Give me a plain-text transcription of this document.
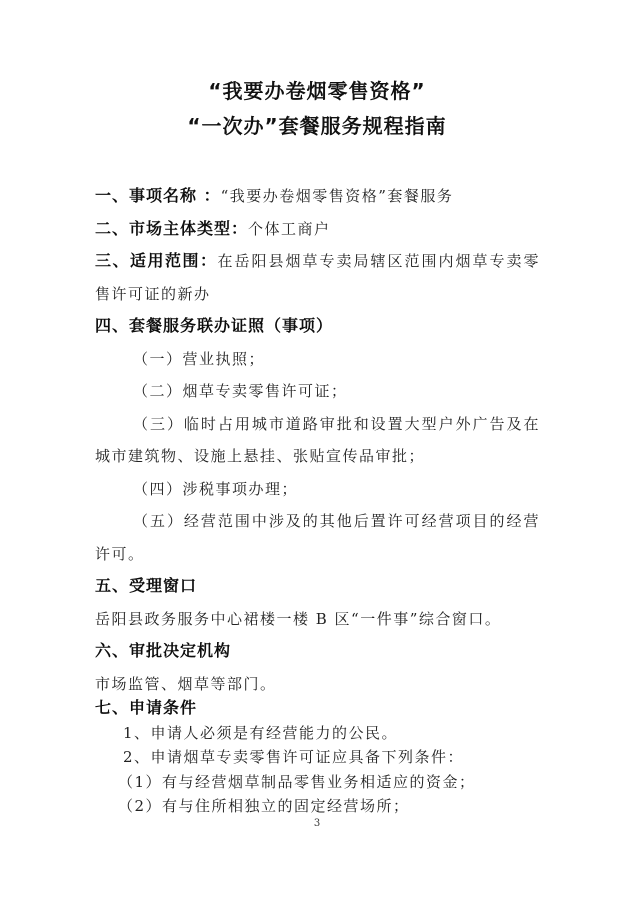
“我要办卷烟零售资格”
“一次办”套餐服务规程指南

一、事项名称 ：“我要办卷烟零售资格”套餐服务

二、市场主体类型：个体工商户

三、适用范围：在岳阳县烟草专卖局辖区范围内烟草专卖零售许可证的新办

四、套餐服务联办证照（事项）

（一）营业执照；

（二）烟草专卖零售许可证；

（三）临时占用城市道路审批和设置大型户外广告及在城市建筑物、设施上悬挂、张贴宣传品审批；

（四）涉税事项办理；

（五）经营范围中涉及的其他后置许可经营项目的经营许可。

五、受理窗口

岳阳县政务服务中心裙楼一楼 B 区“一件事”综合窗口。

六、审批决定机构

市场监管、烟草等部门。

七、申请条件

1、申请人必须是有经营能力的公民。

2、申请烟草专卖零售许可证应具备下列条件：

（1）有与经营烟草制品零售业务相适应的资金；

（2）有与住所相独立的固定经营场所；

3
